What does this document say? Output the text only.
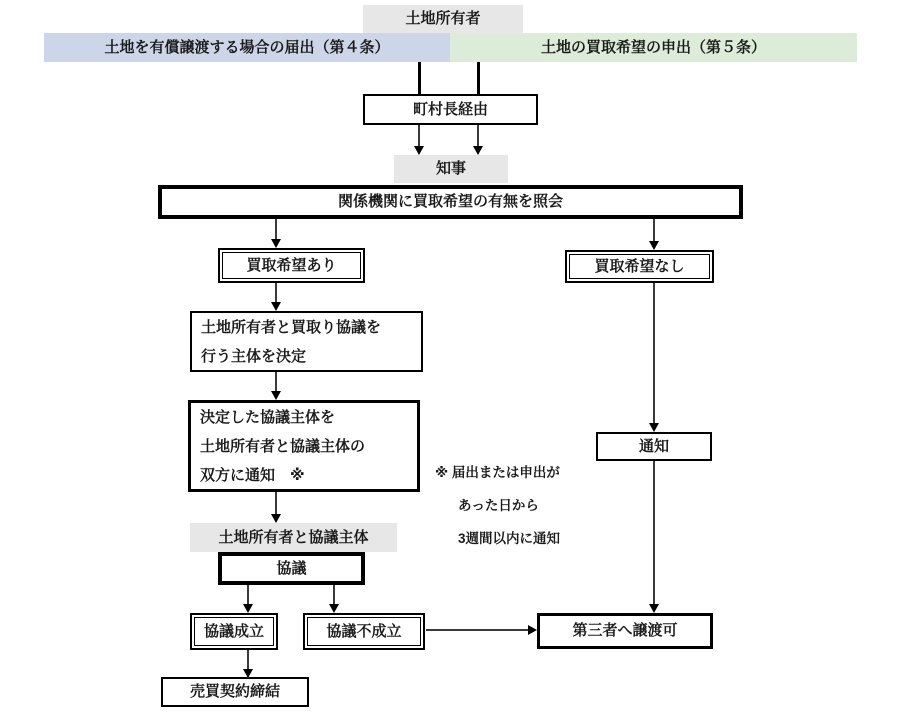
土地所有者
土地を有償譲渡する場合の届出（第４条）	土地の買取希望の申出（第５条）
町村長経由
知事
関係機関に買取希望の有無を照会
買取希望あり	買取希望なし
土地所有者と買取り協議を
行う主体を決定
決定した協議主体を
土地所有者と協議主体の
双方に通知　※	※ 届出または申出が
あった日から
3週間以内に通知
土地所有者と協議主体
協議
協議成立	協議不成立
売買契約締結
通知
第三者へ譲渡可
